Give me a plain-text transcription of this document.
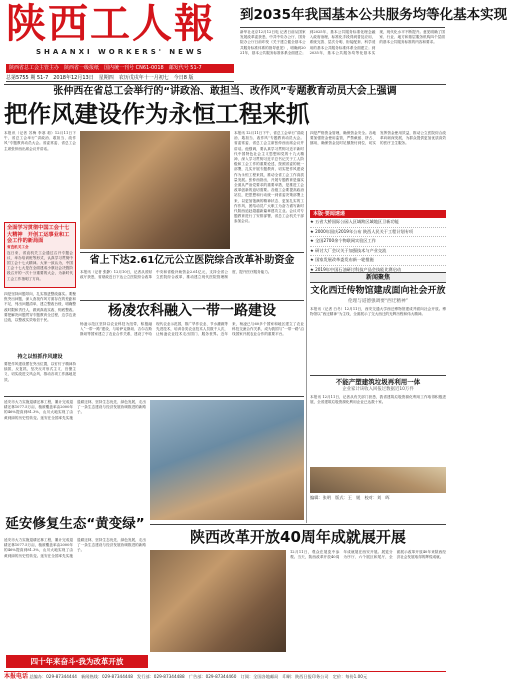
陕西工人報
SHAANXI WORKERS' NEWS
陕西省总工会主管主办　陕西省一级报纸　国内统一刊号 CN61-0018　邮发代号 51-7
总第5755 期 51-7　2018年12月13日　星期四　农历戊戌年十一月初七　今日8 版
到2035年我国基本公共服务均等化基本实现
新华社北京12月12日电 记者日前从国家发展改革委获悉，中共中央办公厅、国务院办公厅日前印发《关于建立健全基本公共服务标准体系的指导意见》，明确到2021年，基本公共服务标准体系全面建立；到2025年，基本公共服务标准化理念融入政府治理，标准化手段得到普及应用，系统完善、层次分明、衔接配套、科学适用的基本公共服务标准体系全面建立；到2035年，基本公共服务均等化基本实现，现代化水平不断提升。意见明确了国家、行业、地方和基层服务机构四个层面的基本公共服务标准的内容和要求。
张仲西在省总工会举行的“讲政治、敢担当、改作风”专题教育动员大会上强调
把作风建设作为永恒工程来抓
本报讯（记者 苏梅 李寒 莉）12月11日下午，省总工会举行“讲政治、敢担当、改作风”专题教育动员大会。省委常委、省总工会主席张仲西出席会议并讲话。
本报讯 12月11日下午，省总工会举行“讲政治、敢担当、改作风”专题教育动员大会。省委常委、省总工会主席张仲西出席会议并讲话。他强调，要认真学习贯彻习近平新时代中国特色社会主义思想和党的十九大精神，深入学习贯彻习近平总书记关于工人阶级和工会工作的重要论述，按照省委的统一部署，扎实开展专题教育，切实把作风建设作为永恒工程来抓，推动全省工会工作高质量发展。张仲西指出，开展专题教育是落实全面从严治党要求的重要举措，是推进工会改革创新的迫切需要。各级工会要提高政治站位，把思想和行动统一到省委决策部署上来，以更加饱满的精神状态、更加扎实的工作作风，团结动员广大职工为奋力谱写新时代陕西追赶超越新篇章建功立业。会议对专题教育进行了安排部署，省总工会机关干部参加会议。
全面学习贯彻中国工会十七大精神　开创工运事业和工会工作的新局面
省直机关工会
连日来，省直机关工会通过召开专题会议、举办培训班等形式，认真学习贯彻中国工会十七大精神。大家一致认为，中国工会十七大是在全面建成小康社会决胜阶段召开的一次十分重要的大会，为新时代工会工作指明了方向。
四是坚持问题导向，扎实推进整改落实。要聚焦突出问题，深入查找作风方面存在的差距和不足，列出问题清单，建立整改台账，明确整改时限和责任人，做到真改实改、彻底整改。要把解决问题贯穿专题教育全过程，边学边查边改，以整改实效取信于民。
持之以恒抓作风建设
要把作风建设摆在突出位置，以钉钉子精神持续抓、反复抓，坚决反对形式主义、官僚主义，切实改进文风会风，推动各项工作落地见效。
省上下达2.61亿元公立医院综合改革补助资金
本报讯（记者 张静）12月10日，记者从省财政厅获悉，省财政近日下达公立医院综合改革中央和省级补助资金2.61亿元，支持全省公立医院综合改革，推动建立现代医院管理制度，提升医疗服务能力。
杨凌农科融入一带一路建设
杨凌示范区坚持以农业科技为纽带，积极融入“一带一路”建设，与哈萨克斯坦、吉尔吉斯斯坦等国家建立了农业合作关系，建设了中哈现代农业示范园，推广旱作农业、节水灌溉等先进技术，培训各类农业技术人员数千人次，让杨凌农业技术走出国门、服务世界。近年来，杨凌已与60多个国家和地区建立了农业科技交流合作关系，成为我国与“一带一路”沿线国家开展农业合作的重要平台。
本版·要闻速递
★ 五省大桥国际公园入区域跨区域地区卫新功能
★ 2000年国庆2019年公布 陕西人民关于工程计划专项
★ 全国2700余个物联网实验区工作
★ 研讨大厂会议关于加强技术与产业交流
★ 国家发展改革委发布新一轮措施
★ 2019年中国石油研讨科技产品会技能比赛启动
四是严格资金管理，确保资金安全。各地要加强资金使用监管，严禁截留、挤占、挪用，确保资金及时足额拨付到位，切实发挥资金使用效益，推动公立医院综合改革向纵深发展，为群众提供更加优质高效的医疗卫生服务。
新闻聚焦
文化西迁传物馆建成面向社会开放
伦理与道德强调要“西迁精神”
本报讯（记者 白冬）12月11日，西安交通大学西迁博物馆建成并面向社会开放。博物馆以“西迁精神”为主线，全面展示了交大西迁的光辉历程和伟大精神。
不能产塑建筑垃圾再利用一体
企业家计该收入回报过数据近10万件
本报讯 12月11日，记者从有关部门获悉，我省建筑垃圾资源化利用工作取得积极进展，全省建筑垃圾资源化利用企业已达数十家。
编辑：张明　版式：王　媛　校对：刘　晖
延安市大力实施退耕还林工程，累计完成退耕还林1077.5万亩，植被覆盖率由2000年的46%提高到81.3%，山川大地实现了由黄到绿的历史性转变。延安在全国率先实施退耕还林，坚持生态优先、绿色发展，走出了一条生态建设与经济发展协调推进的新路子。
延安修复生态“黄变绿”
延安市大力实施退耕还林工程，累计完成退耕还林1077.5万亩，植被覆盖率由2000年的46%提高到81.3%，山川大地实现了由黄到绿的历史性转变。延安在全国率先实施退耕还林，坚持生态优先、绿色发展，走出了一条生态建设与经济发展协调推进的新路子。
陕西改革开放40周年成就展开展
12月11日，观众在展览中参观。当天，陕西改革开放40周年成就展在西安开展。展览分为序厅、六个展区和尾厅，全面展示改革开放40年来陕西经济社会发展取得的辉煌成就。
四十年来奋斗·我为改革开放
本报电话 总编办：029-87344444　新闻热线：029-87344448　发行部：029-87344488　广告部：029-87344460　订阅：全国各地邮局　印刷：陕西日报印务公司　定价：每份1.00元
